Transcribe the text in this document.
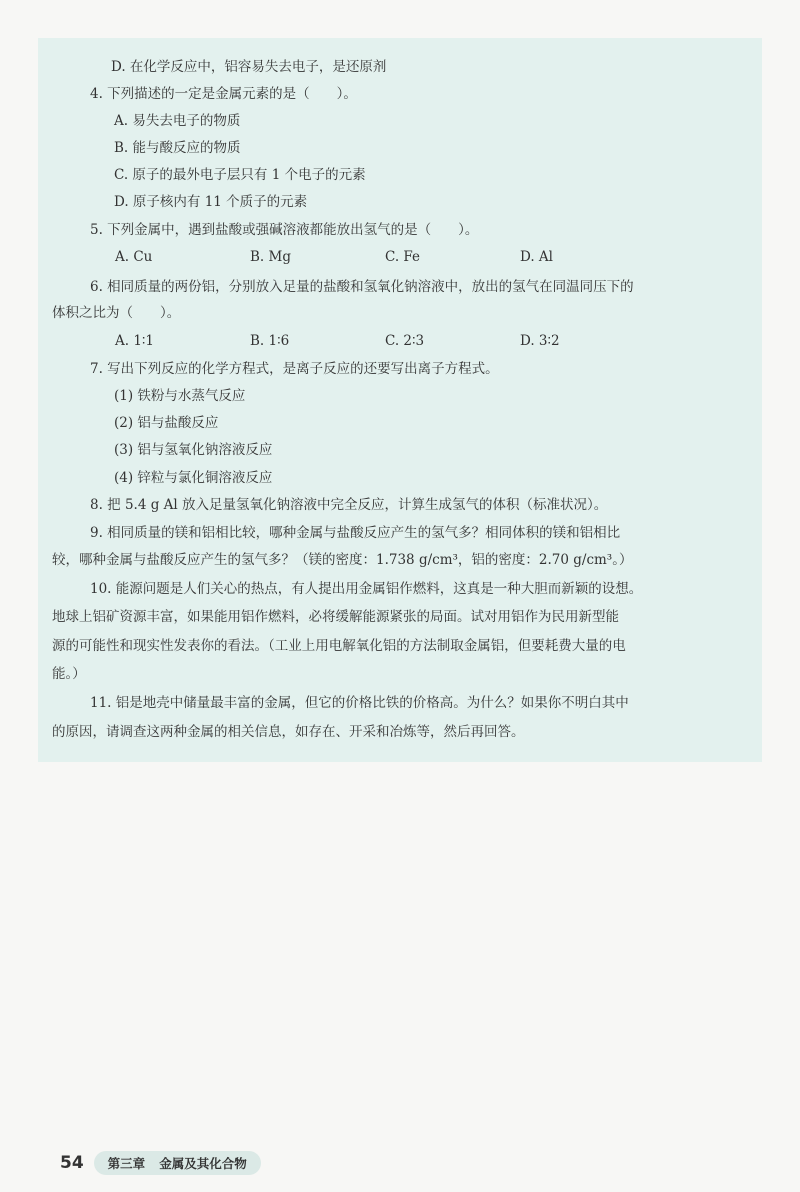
D. 在化学反应中，铝容易失去电子，是还原剂
4. 下列描述的一定是金属元素的是（　　）。
A. 易失去电子的物质
B. 能与酸反应的物质
C. 原子的最外电子层只有 1 个电子的元素
D. 原子核内有 11 个质子的元素
5. 下列金属中，遇到盐酸或强碱溶液都能放出氢气的是（　　）。
A. Cu	B. Mg	C. Fe	D. Al
6. 相同质量的两份铝，分别放入足量的盐酸和氢氧化钠溶液中，放出的氢气在同温同压下的
体积之比为（　　）。
A. 1∶1	B. 1∶6	C. 2∶3	D. 3∶2
7. 写出下列反应的化学方程式，是离子反应的还要写出离子方程式。
(1) 铁粉与水蒸气反应
(2) 铝与盐酸反应
(3) 铝与氢氧化钠溶液反应
(4) 锌粒与氯化铜溶液反应
8. 把 5.4 g Al 放入足量氢氧化钠溶液中完全反应，计算生成氢气的体积（标准状况）。
9. 相同质量的镁和铝相比较，哪种金属与盐酸反应产生的氢气多？相同体积的镁和铝相比
较，哪种金属与盐酸反应产生的氢气多？（镁的密度：1.738 g/cm³，铝的密度：2.70 g/cm³。）
10. 能源问题是人们关心的热点，有人提出用金属铝作燃料，这真是一种大胆而新颖的设想。
地球上铝矿资源丰富，如果能用铝作燃料，必将缓解能源紧张的局面。试对用铝作为民用新型能
源的可能性和现实性发表你的看法。（工业上用电解氧化铝的方法制取金属铝，但要耗费大量的电
能。）
11. 铝是地壳中储量最丰富的金属，但它的价格比铁的价格高。为什么？如果你不明白其中
的原因，请调查这两种金属的相关信息，如存在、开采和冶炼等，然后再回答。
54	第三章 金属及其化合物
